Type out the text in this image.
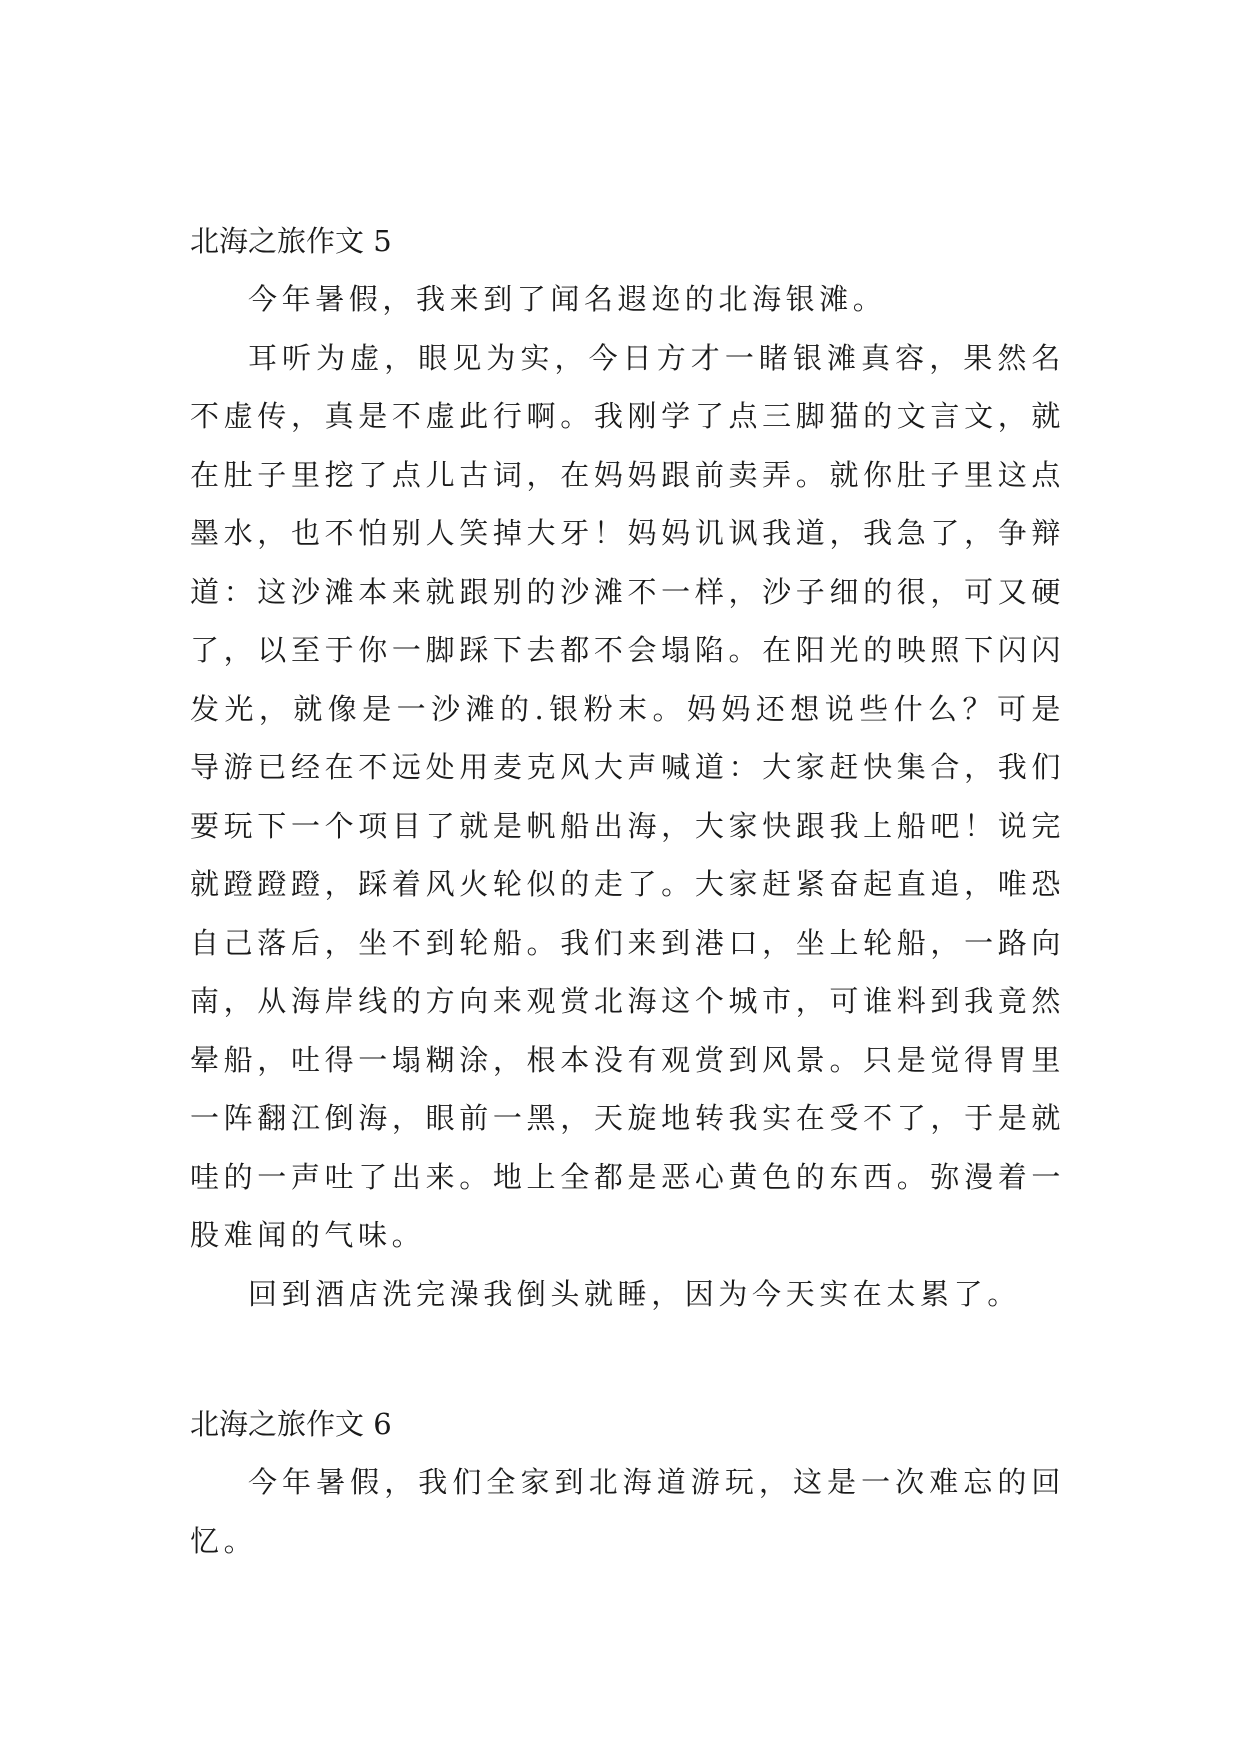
北海之旅作文 5

今年暑假，我来到了闻名遐迩的北海银滩。

耳听为虚，眼见为实，今日方才一睹银滩真容，果然名不虚传，真是不虚此行啊。我刚学了点三脚猫的文言文，就在肚子里挖了点儿古词，在妈妈跟前卖弄。就你肚子里这点墨水，也不怕别人笑掉大牙！妈妈讥讽我道，我急了，争辩道：这沙滩本来就跟别的沙滩不一样，沙子细的很，可又硬了，以至于你一脚踩下去都不会塌陷。在阳光的映照下闪闪发光，就像是一沙滩的.银粉末。妈妈还想说些什么？可是导游已经在不远处用麦克风大声喊道：大家赶快集合，我们要玩下一个项目了就是帆船出海，大家快跟我上船吧！说完就蹬蹬蹬，踩着风火轮似的走了。大家赶紧奋起直追，唯恐自己落后，坐不到轮船。我们来到港口，坐上轮船，一路向南，从海岸线的方向来观赏北海这个城市，可谁料到我竟然晕船，吐得一塌糊涂，根本没有观赏到风景。只是觉得胃里一阵翻江倒海，眼前一黑，天旋地转我实在受不了，于是就哇的一声吐了出来。地上全都是恶心黄色的东西。弥漫着一股难闻的气味。

回到酒店洗完澡我倒头就睡，因为今天实在太累了。

北海之旅作文 6

今年暑假，我们全家到北海道游玩，这是一次难忘的回忆。
